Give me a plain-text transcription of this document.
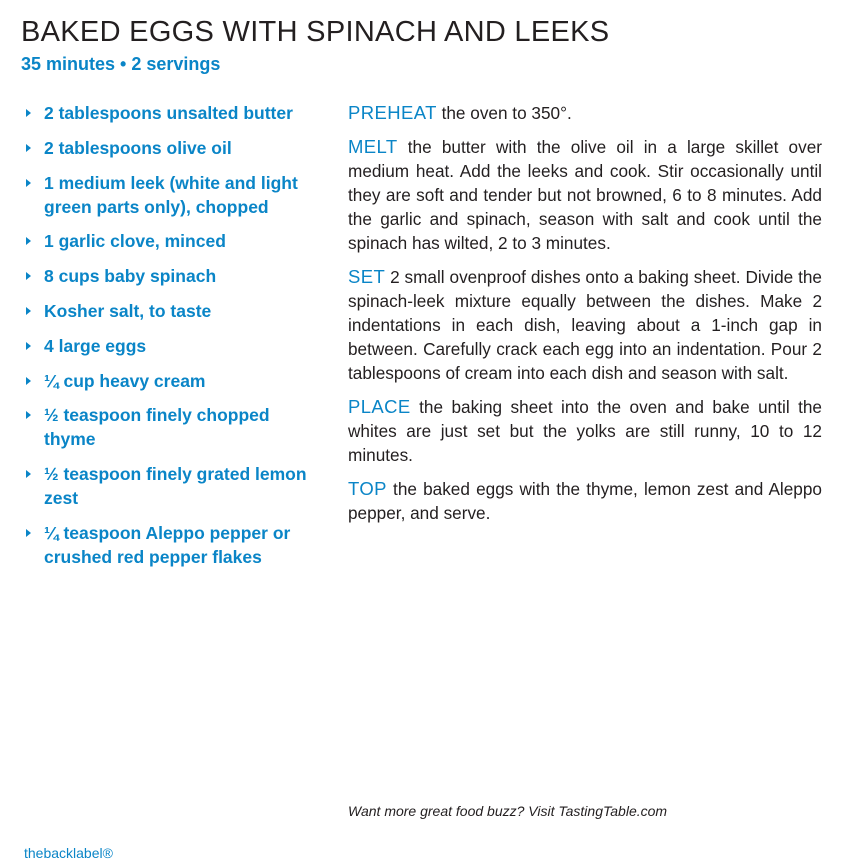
BAKED EGGS WITH SPINACH AND LEEKS
35 minutes • 2 servings
2 tablespoons unsalted butter
2 tablespoons olive oil
1 medium leek (white and light green parts only), chopped
1 garlic clove, minced
8 cups baby spinach
Kosher salt, to taste
4 large eggs
¼ cup heavy cream
½ teaspoon finely chopped thyme
½ teaspoon finely grated lemon zest
¼ teaspoon Aleppo pepper or crushed red pepper flakes

PREHEAT the oven to 350°.

MELT the butter with the olive oil in a large skillet over medium heat. Add the leeks and cook. Stir occasionally until they are soft and tender but not browned, 6 to 8 minutes. Add the garlic and spinach, season with salt and cook until the spinach has wilted, 2 to 3 minutes.

SET 2 small ovenproof dishes onto a baking sheet. Divide the spinach-leek mixture equally between the dishes. Make 2 indentations in each dish, leaving about a 1-inch gap in between. Carefully crack each egg into an indentation. Pour 2 tablespoons of cream into each dish and season with salt.

PLACE the baking sheet into the oven and bake until the whites are just set but the yolks are still runny, 10 to 12 minutes.

TOP the baked eggs with the thyme, lemon zest and Aleppo pepper, and serve.

Want more great food buzz? Visit TastingTable.com
thebacklabel®
